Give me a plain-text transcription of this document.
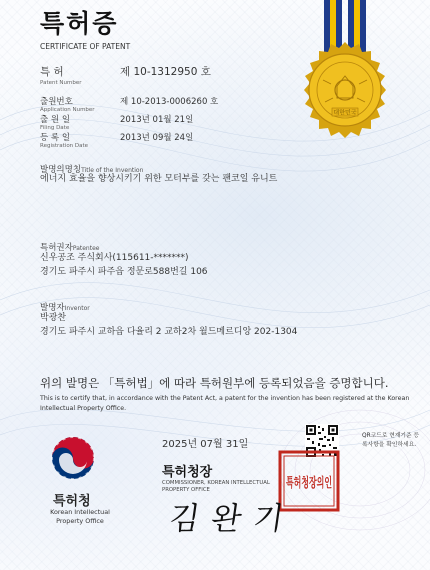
특허증
CERTIFICATE OF PATENT
대한민국
특 허
Patent Number
제 10-1312950 호
출원번호
Application Number
제 10-2013-0006260 호
출 원 일
Filing Date
2013년 01월 21일
등 록 일
Registration Date
2013년 09월 24일
발명의명칭Title of the Invention
에너지 효율을 향상시키기 위한 모터부를 갖는 팬코일 유니트
특허권자Patentee
신우공조 주식회사(115611-*******)
경기도 파주시 파주읍 정문로588번길 106
발명자Inventor
박광찬
경기도 파주시 교하읍 다율리 2 교하2차 월드메르디앙 202-1304
위의 발명은 「특허법」에 따라 특허원부에 등록되었음을 증명합니다.
This is to certify that, in accordance with the Patent Act, a patent for the invention has been registered at the Korean Intellectual Property Office.
2025년 07월 31일
QR코드로 현재기준 등록사항을 확인하세요.
특허청장
COMMISSIONER, KOREAN INTELLECTUAL PROPERTY OFFICE	특허청장의인
김완기
특허청
Korean Intellectual Property Office
